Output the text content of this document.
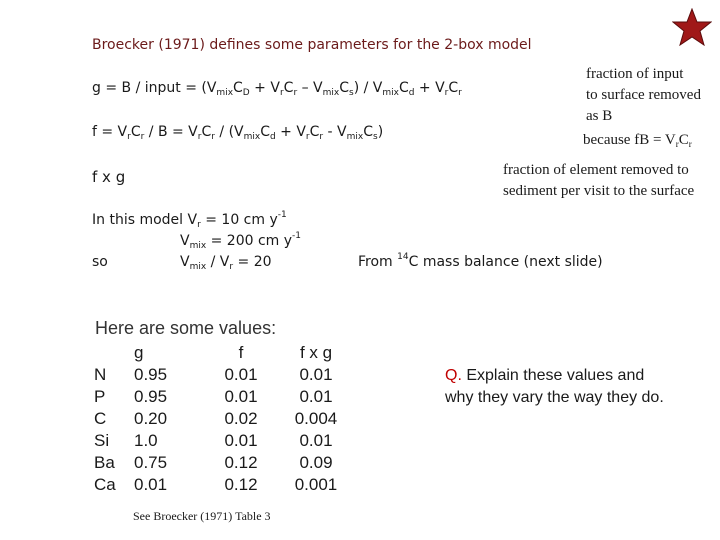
Broecker (1971) defines some parameters for the 2-box model
g = B / input = $(V_{mix}C_D + V_rC_r - V_{mix}C_s) / V_{mix}C_d + V_rC_r$
$f = V_rC_r / B = V_rC_r / (V_{mix}C_d + V_rC_r - V_{mix}C_s)$
f x g
fraction of input
to surface removed
as B
because fB = $V_rC_r$
fraction of element removed to
sediment per visit to the surface
In this model $V_r = 10$ cm $y^{-1}$
$V_{mix} = 200$ cm $y^{-1}$
so	$V_{mix} / V_r = 20$	From $^{14}$C mass balance (next slide)
Here are some values:
	g	f	f x g
N	0.95	0.01	0.01
P	0.95	0.01	0.01
C	0.20	0.02	0.004
Si	1.0	0.01	0.01
Ba	0.75	0.12	0.09
Ca	0.01	0.12	0.001
Q. Explain these values and
why they vary the way they do.
See Broecker (1971) Table 3
